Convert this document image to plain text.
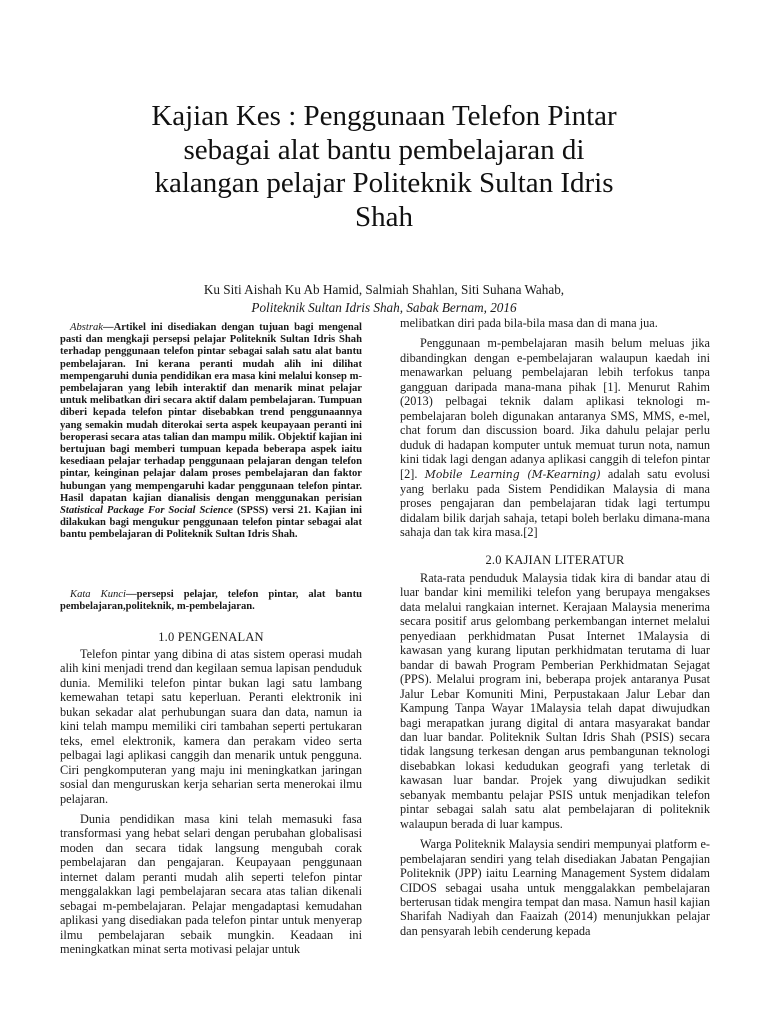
Kajian Kes : Penggunaan Telefon Pintar sebagai alat bantu pembelajaran di kalangan pelajar Politeknik Sultan Idris Shah
Ku Siti Aishah Ku Ab Hamid, Salmiah Shahlan, Siti Suhana Wahab,
Politeknik Sultan Idris Shah, Sabak Bernam, 2016

Abstrak—Artikel ini disediakan dengan tujuan bagi mengenal pasti dan mengkaji persepsi pelajar Politeknik Sultan Idris Shah terhadap penggunaan telefon pintar sebagai salah satu alat bantu pembelajaran. Ini kerana peranti mudah alih ini dilihat mempengaruhi dunia pendidikan era masa kini melalui konsep m-pembelajaran yang lebih interaktif dan menarik minat pelajar untuk melibatkan diri secara aktif dalam pembelajaran. Tumpuan diberi kepada telefon pintar disebabkan trend penggunaannya yang semakin mudah diterokai serta aspek keupayaan peranti ini beroperasi secara atas talian dan mampu milik. Objektif kajian ini bertujuan bagi memberi tumpuan kepada beberapa aspek iaitu kesediaan pelajar terhadap penggunaan pelajaran dengan telefon pintar, keinginan pelajar dalam proses pembelajaran dan faktor hubungan yang mempengaruhi kadar penggunaan telefon pintar. Hasil dapatan kajian dianalisis dengan menggunakan perisian Statistical Package For Social Science (SPSS) versi 21. Kajian ini dilakukan bagi mengukur penggunaan telefon pintar sebagai alat bantu pembelajaran di Politeknik Sultan Idris Shah.

Kata Kunci—persepsi pelajar, telefon pintar, alat bantu pembelajaran,politeknik, m-pembelajaran.

1.0 PENGENALAN

Telefon pintar yang dibina di atas sistem operasi mudah alih kini menjadi trend dan kegilaan semua lapisan penduduk dunia. Memiliki telefon pintar bukan lagi satu lambang kemewahan tetapi satu keperluan. Peranti elektronik ini bukan sekadar alat perhubungan suara dan data, namun ia kini telah mampu memiliki ciri tambahan seperti pertukaran teks, emel elektronik, kamera dan perakam video serta pelbagai lagi aplikasi canggih dan menarik untuk pengguna. Ciri pengkomputeran yang maju ini meningkatkan jaringan sosial dan menguruskan kerja seharian serta menerokai ilmu pelajaran.

Dunia pendidikan masa kini telah memasuki fasa transformasi yang hebat selari dengan perubahan globalisasi moden dan secara tidak langsung mengubah corak pembelajaran dan pengajaran. Keupayaan penggunaan internet dalam peranti mudah alih seperti telefon pintar menggalakkan lagi pembelajaran secara atas talian dikenali sebagai m-pembelajaran. Pelajar mengadaptasi kemudahan aplikasi yang disediakan pada telefon pintar untuk menyerap ilmu pembelajaran sebaik mungkin. Keadaan ini meningkatkan minat serta motivasi pelajar untuk

melibatkan diri pada bila-bila masa dan di mana jua.

Penggunaan m-pembelajaran masih belum meluas jika dibandingkan dengan e-pembelajaran walaupun kaedah ini menawarkan peluang pembelajaran lebih terfokus tanpa gangguan daripada mana-mana pihak [1]. Menurut Rahim (2013) pelbagai teknik dalam aplikasi teknologi m-pembelajaran boleh digunakan antaranya SMS, MMS, e-mel, chat forum dan discussion board. Jika dahulu pelajar perlu duduk di hadapan komputer untuk memuat turun nota, namun kini tidak lagi dengan adanya aplikasi canggih di telefon pintar [2]. Mobile Learning (M-Kearning) adalah satu evolusi yang berlaku pada Sistem Pendidikan Malaysia di mana proses pengajaran dan pembelajaran tidak lagi tertumpu didalam bilik darjah sahaja, tetapi boleh berlaku dimana-mana sahaja dan tak kira masa.[2]

2.0 KAJIAN LITERATUR

Rata-rata penduduk Malaysia tidak kira di bandar atau di luar bandar kini memiliki telefon yang berupaya mengakses data melalui rangkaian internet. Kerajaan Malaysia menerima secara positif arus gelombang perkembangan internet melalui penyediaan perkhidmatan Pusat Internet 1Malaysia di kawasan yang kurang liputan perkhidmatan terutama di luar bandar di bawah Program Pemberian Perkhidmatan Sejagat (PPS). Melalui program ini, beberapa projek antaranya Pusat Jalur Lebar Komuniti Mini, Perpustakaan Jalur Lebar dan Kampung Tanpa Wayar 1Malaysia telah dapat diwujudkan bagi merapatkan jurang digital di antara masyarakat bandar dan luar bandar. Politeknik Sultan Idris Shah (PSIS) secara tidak langsung terkesan dengan arus pembangunan teknologi disebabkan lokasi kedudukan geografi yang terletak di kawasan luar bandar. Projek yang diwujudkan sedikit sebanyak membantu pelajar PSIS untuk menjadikan telefon pintar sebagai salah satu alat pembelajaran di politeknik walaupun berada di luar kampus.

Warga Politeknik Malaysia sendiri mempunyai platform e-pembelajaran sendiri yang telah disediakan Jabatan Pengajian Politeknik (JPP) iaitu Learning Management System didalam CIDOS sebagai usaha untuk menggalakkan pembelajaran berterusan tidak mengira tempat dan masa. Namun hasil kajian Sharifah Nadiyah dan Faaizah (2014) menunjukkan pelajar dan pensyarah lebih cenderung kepada
